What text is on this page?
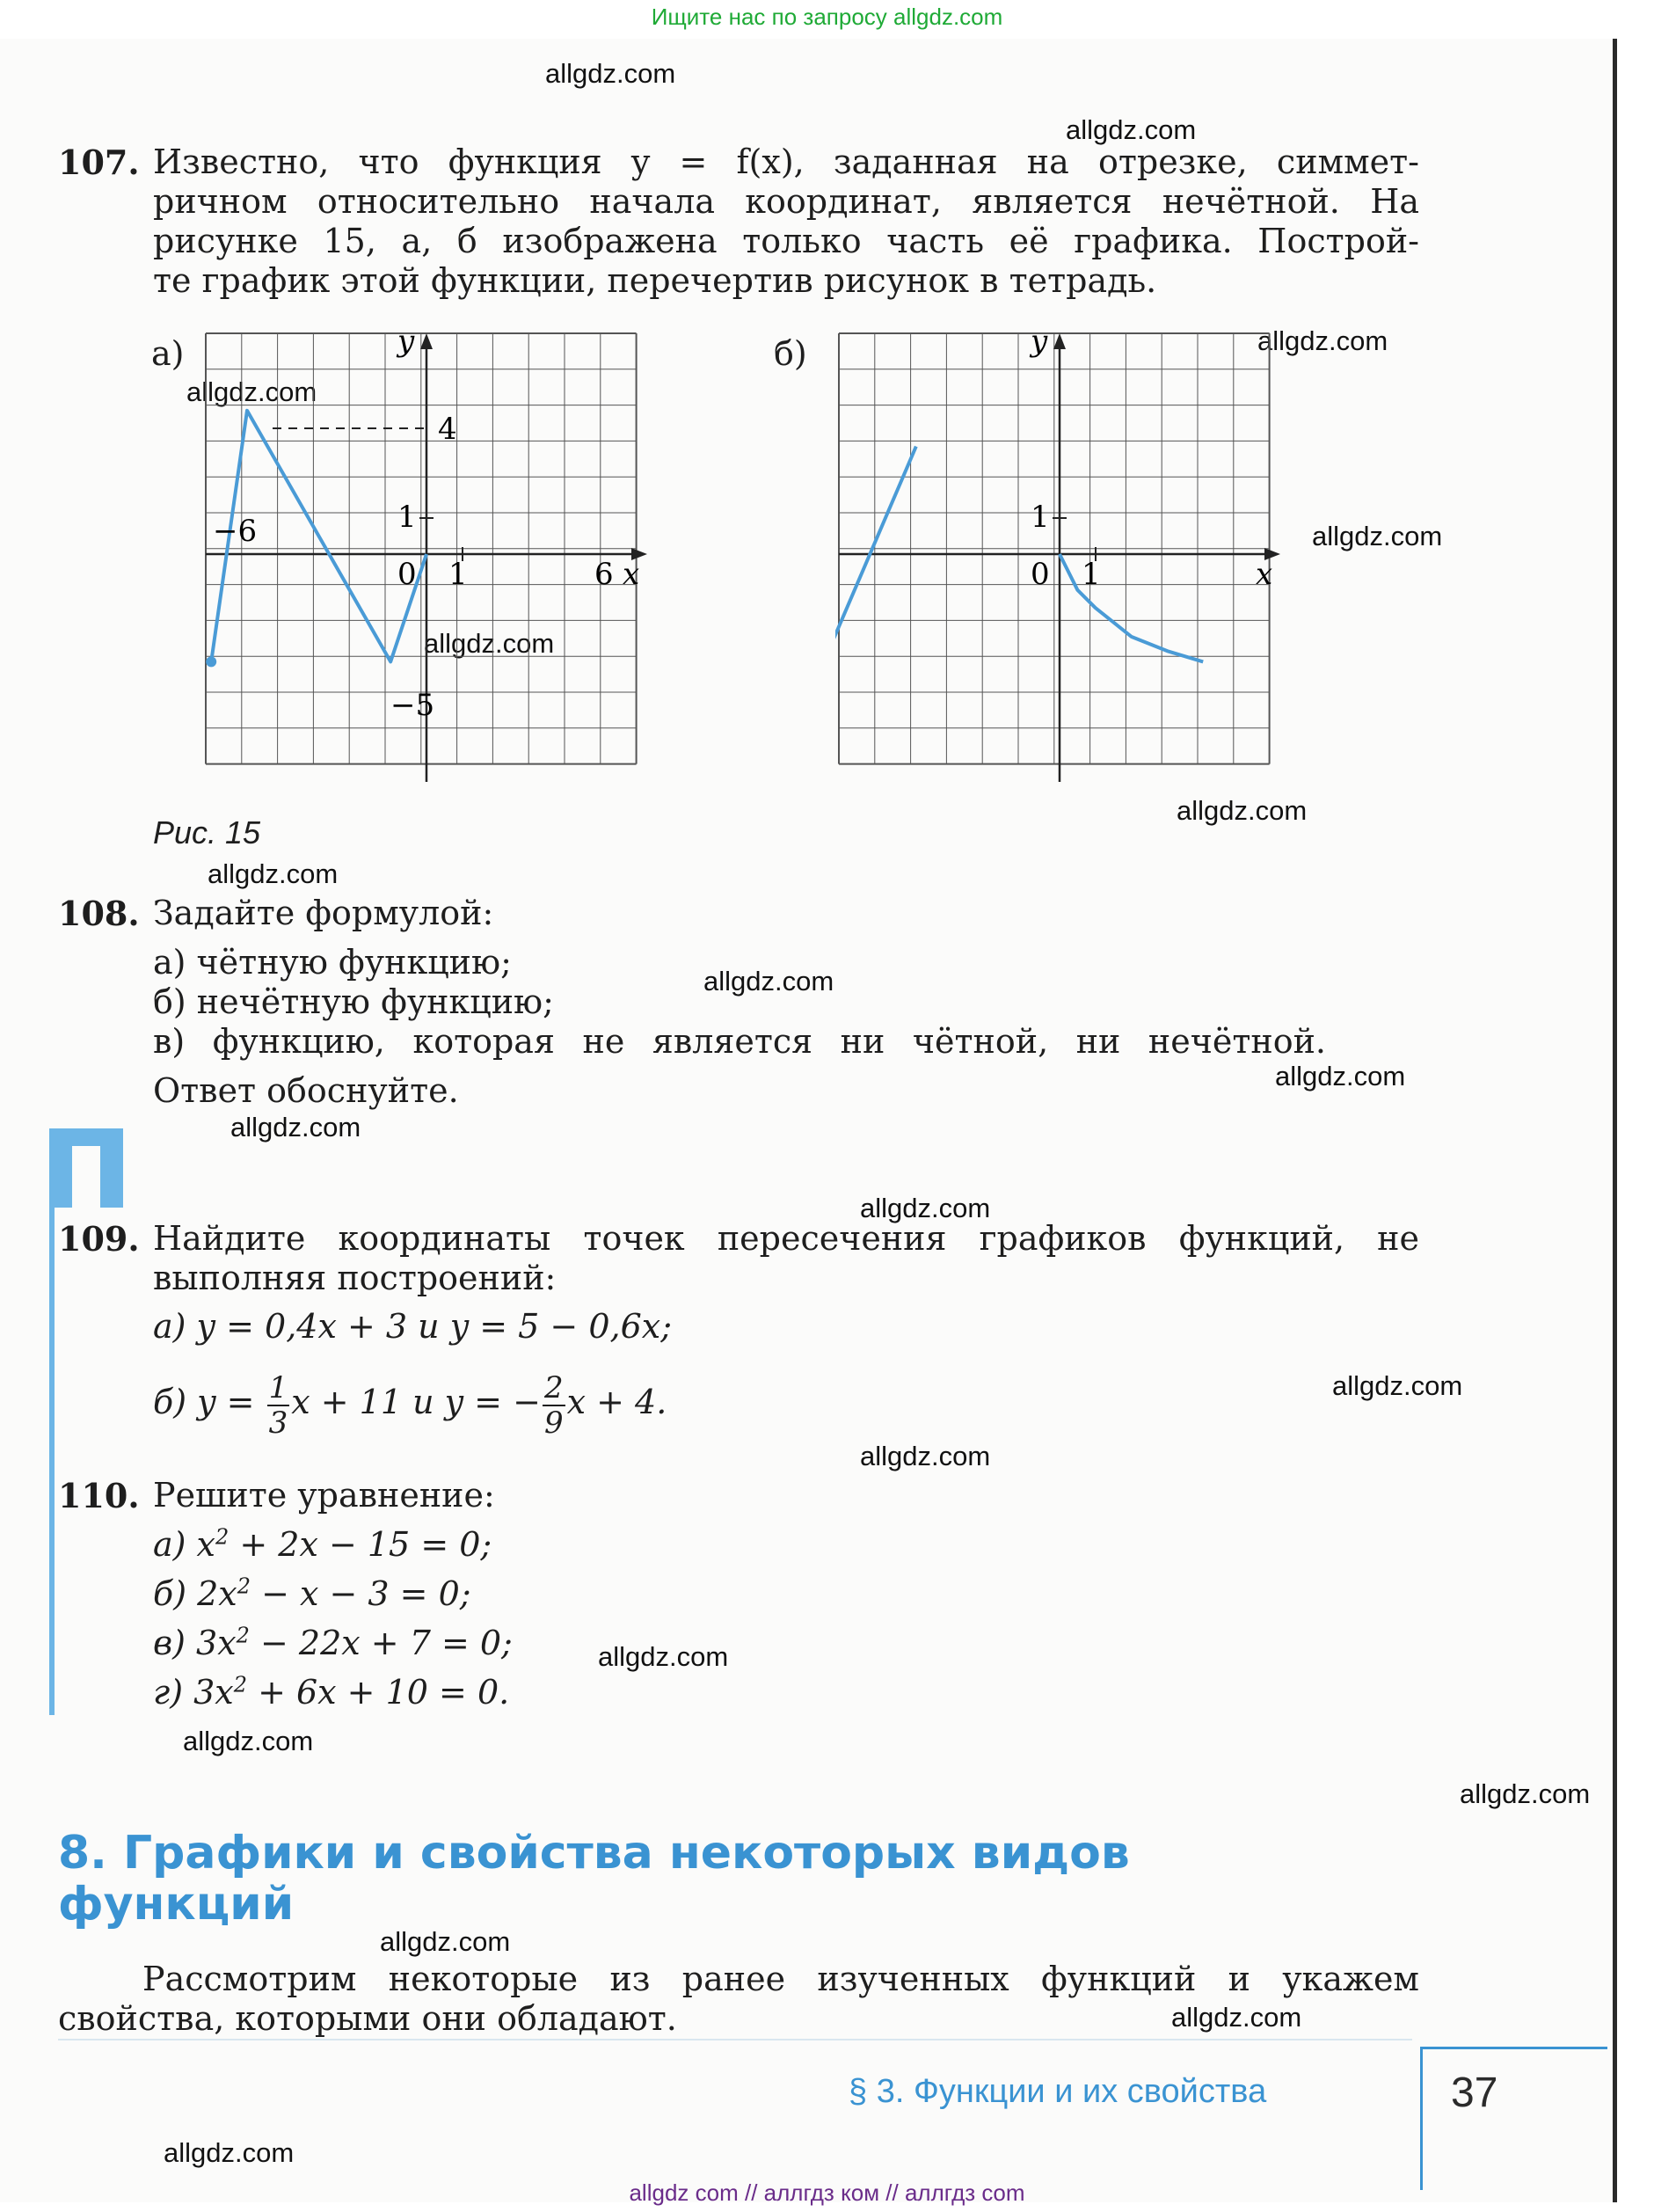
Ищите нас по запросу allgdz.com
allgdz.com
allgdz.com
allgdz.com
allgdz.com
allgdz.com
allgdz.com
allgdz.com
allgdz.com
allgdz.com
allgdz.com
allgdz.com
allgdz.com
allgdz.com
allgdz.com
allgdz.com
allgdz.com
allgdz.com
allgdz.com
allgdz.com
allgdz.com
107. Известно, что функция y = f(x), заданная на отрезке, симмет-
ричном относительно начала координат, является нечётной. На
рисунке 15, а, б изображена только часть её графика. Построй-
те график этой функции, перечертив рисунок в тетрадь.
а)	б)
y
x
4
1
−6
0 1	6
−5
y
x
1
0 1
Рис. 15
108. Задайте формулой:
а) чётную функцию;
б) нечётную функцию;
в) функцию, которая не является ни чётной, ни нечётной.
Ответ обоснуйте.
109. Найдите координаты точек пересечения графиков функций, не
выполняя построений:
а) y = 0,4x + 3 и y = 5 − 0,6x;
б) $y = \frac{1}{3}$ x + 11 и y = − $\frac{2}{9}$ x + 4.
110. Решите уравнение:
а) $x^2 + 2x - 15 = 0$;
б) $2x^2 - x - 3 = 0$;
в) $3x^2 - 22x + 7 = 0$;
г) $3x^2 + 6x + 10 = 0$.
8. Графики и свойства некоторых видов
функций
Рассмотрим некоторые из ранее изученных функций и укажем
свойства, которыми они обладают.
§ 3. Функции и их свойства	37
allgdz com // аллгдз ком // аллгдз com
